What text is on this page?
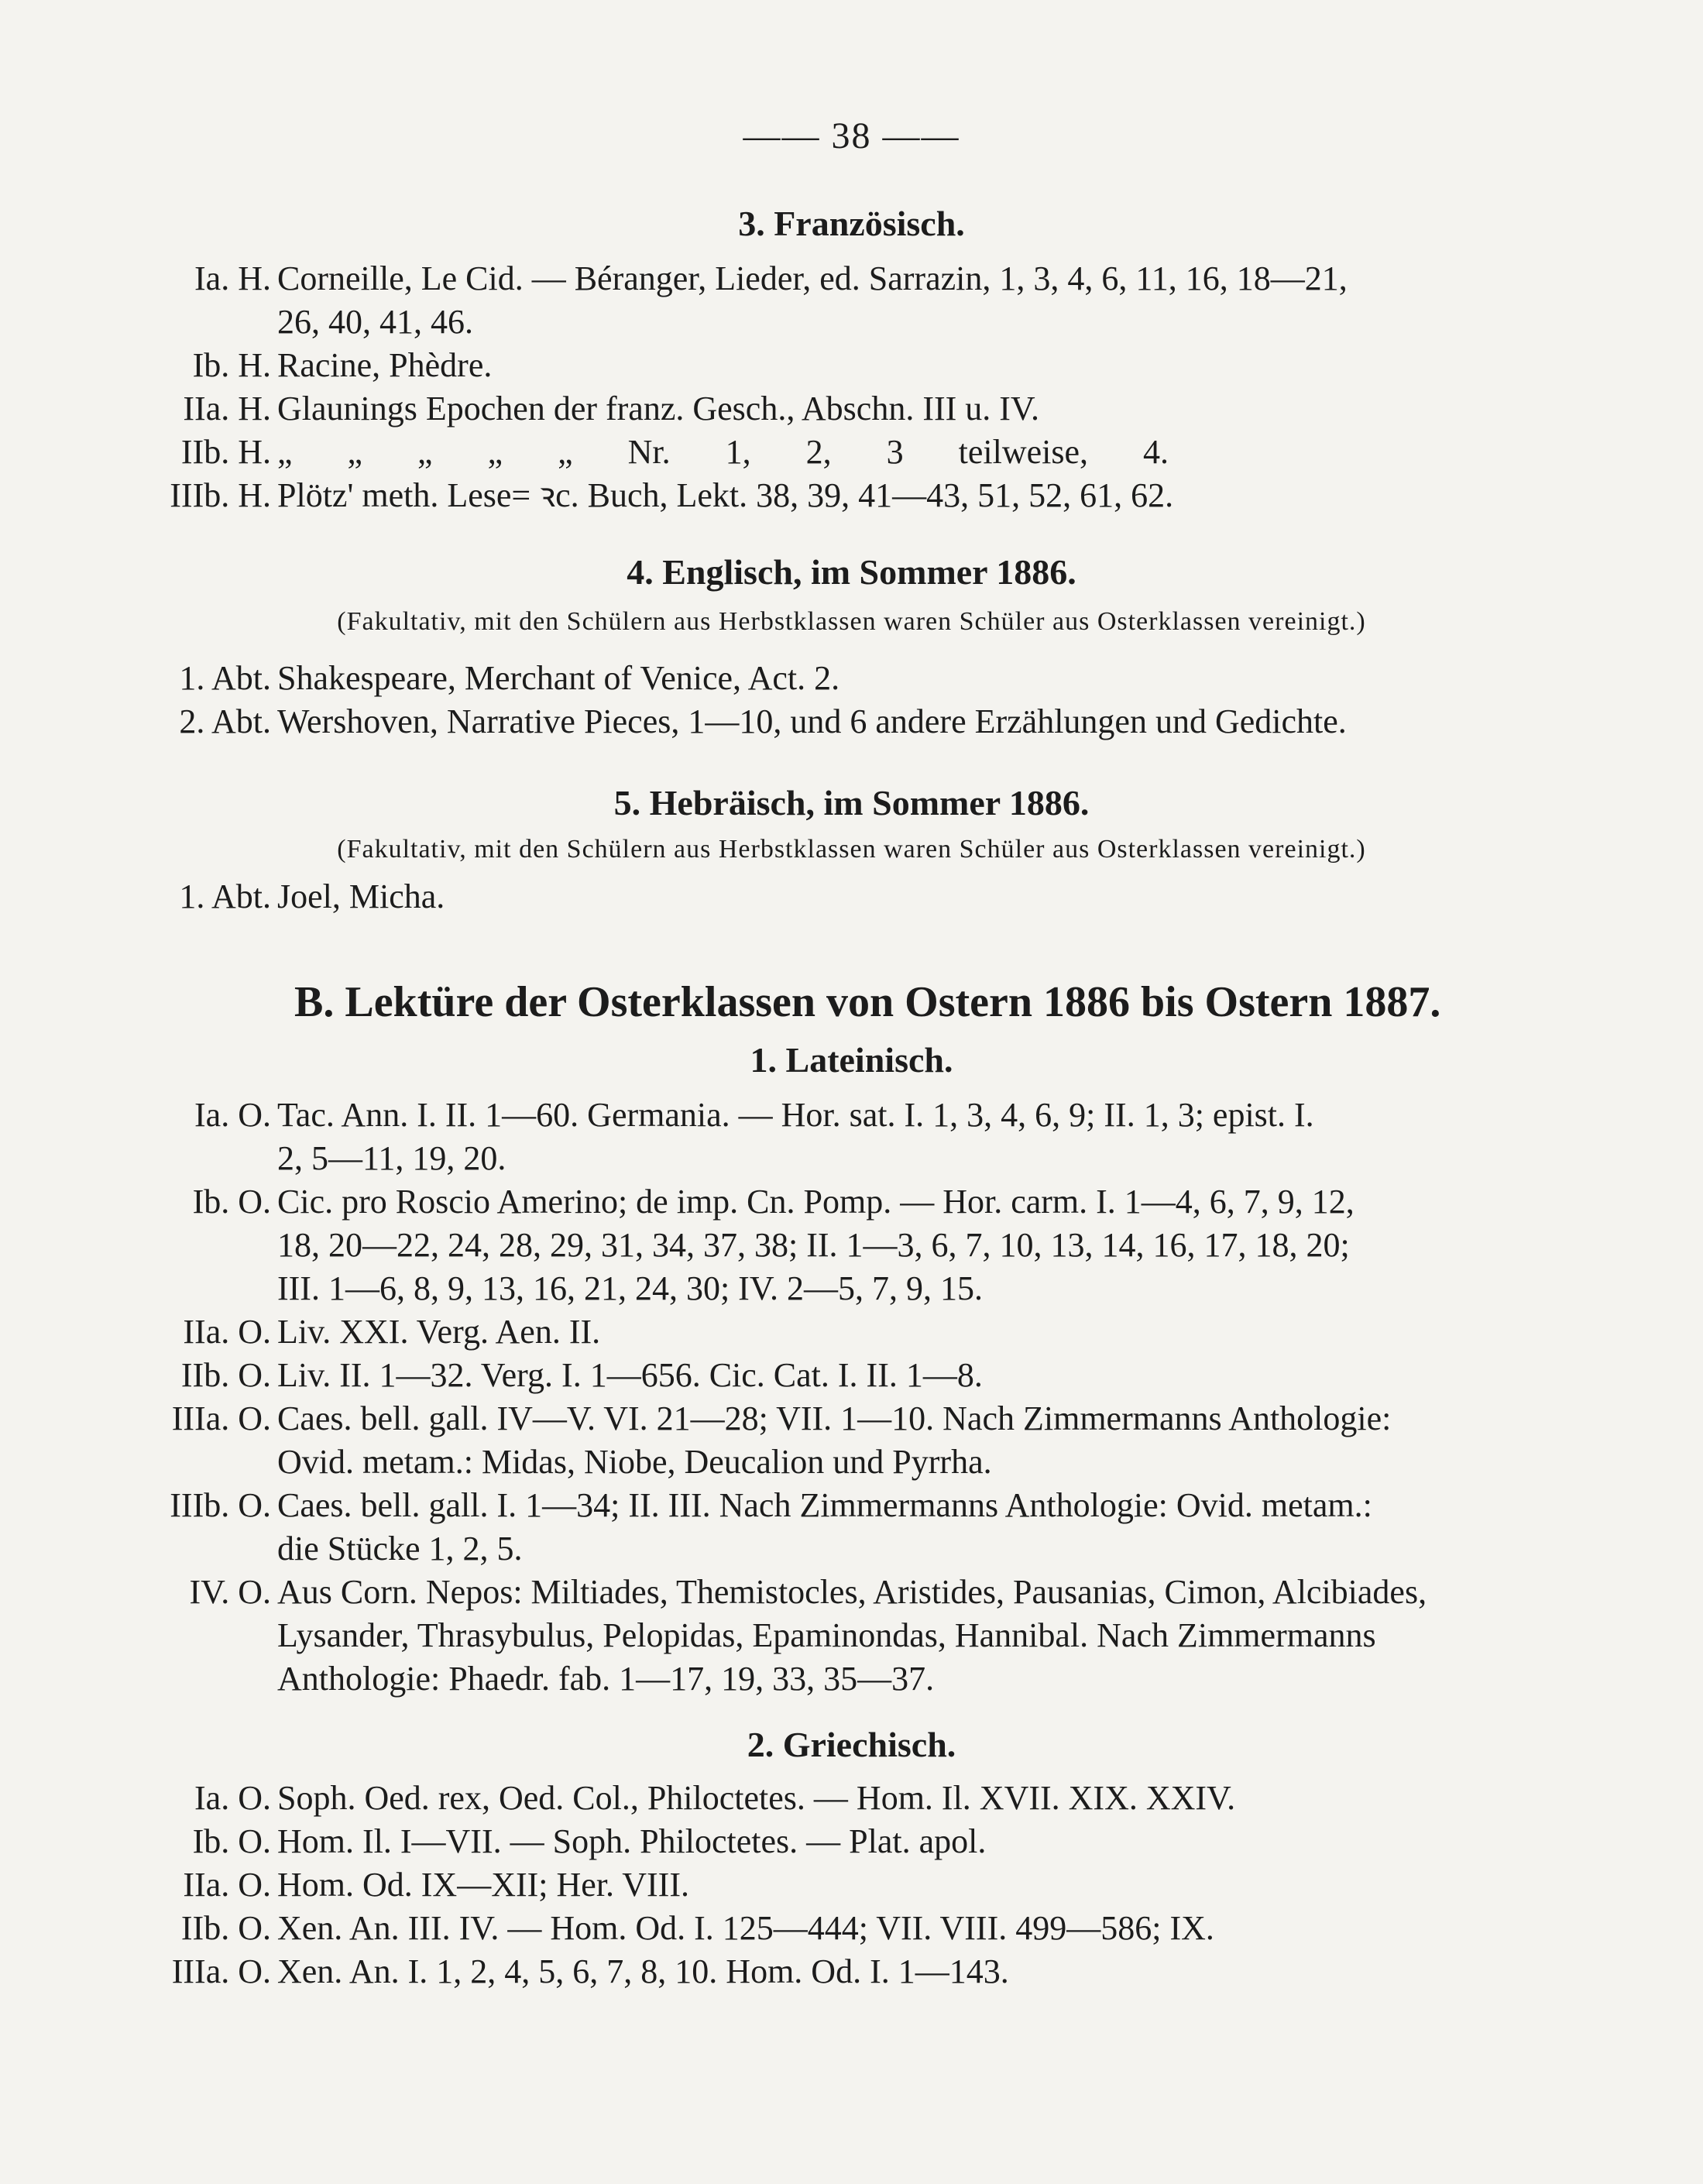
—— 38 ——
3. Französisch.
Ia. H. Corneille, Le Cid. — Béranger, Lieder, ed. Sarrazin, 1, 3, 4, 6, 11, 16, 18—21,
26, 40, 41, 46.
Ib. H. Racine, Phèdre.
IIa. H. Glaunings Epochen der franz. Gesch., Abschn. III u. IV.
IIb. H. „ „ „ „ „ Nr. 1, 2, 3 teilweise, 4.
IIIb. H. Plötz' meth. Lese= ꝛc. Buch, Lekt. 38, 39, 41—43, 51, 52, 61, 62.
4. Englisch, im Sommer 1886.
(Fakultativ, mit den Schülern aus Herbstklassen waren Schüler aus Osterklassen vereinigt.)
1. Abt. Shakespeare, Merchant of Venice, Act. 2.
2. Abt. Wershoven, Narrative Pieces, 1—10, und 6 andere Erzählungen und Gedichte.
5. Hebräisch, im Sommer 1886.
(Fakultativ, mit den Schülern aus Herbstklassen waren Schüler aus Osterklassen vereinigt.)
1. Abt. Joel, Micha.
B. Lektüre der Osterklassen von Ostern 1886 bis Ostern 1887.
1. Lateinisch.
Ia. O. Tac. Ann. I. II. 1—60. Germania. — Hor. sat. I. 1, 3, 4, 6, 9; II. 1, 3; epist. I.
2, 5—11, 19, 20.
Ib. O. Cic. pro Roscio Amerino; de imp. Cn. Pomp. — Hor. carm. I. 1—4, 6, 7, 9, 12,
18, 20—22, 24, 28, 29, 31, 34, 37, 38; II. 1—3, 6, 7, 10, 13, 14, 16, 17, 18, 20;
III. 1—6, 8, 9, 13, 16, 21, 24, 30; IV. 2—5, 7, 9, 15.
IIa. O. Liv. XXI. Verg. Aen. II.
IIb. O. Liv. II. 1—32. Verg. I. 1—656. Cic. Cat. I. II. 1—8.
IIIa. O. Caes. bell. gall. IV—V. VI. 21—28; VII. 1—10. Nach Zimmermanns Anthologie:
Ovid. metam.: Midas, Niobe, Deucalion und Pyrrha.
IIIb. O. Caes. bell. gall. I. 1—34; II. III. Nach Zimmermanns Anthologie: Ovid. metam.:
die Stücke 1, 2, 5.
IV. O. Aus Corn. Nepos: Miltiades, Themistocles, Aristides, Pausanias, Cimon, Alcibiades,
Lysander, Thrasybulus, Pelopidas, Epaminondas, Hannibal. Nach Zimmermanns
Anthologie: Phaedr. fab. 1—17, 19, 33, 35—37.
2. Griechisch.
Ia. O. Soph. Oed. rex, Oed. Col., Philoctetes. — Hom. Il. XVII. XIX. XXIV.
Ib. O. Hom. Il. I—VII. — Soph. Philoctetes. — Plat. apol.
IIa. O. Hom. Od. IX—XII; Her. VIII.
IIb. O. Xen. An. III. IV. — Hom. Od. I. 125—444; VII. VIII. 499—586; IX.
IIIa. O. Xen. An. I. 1, 2, 4, 5, 6, 7, 8, 10. Hom. Od. I. 1—143.
